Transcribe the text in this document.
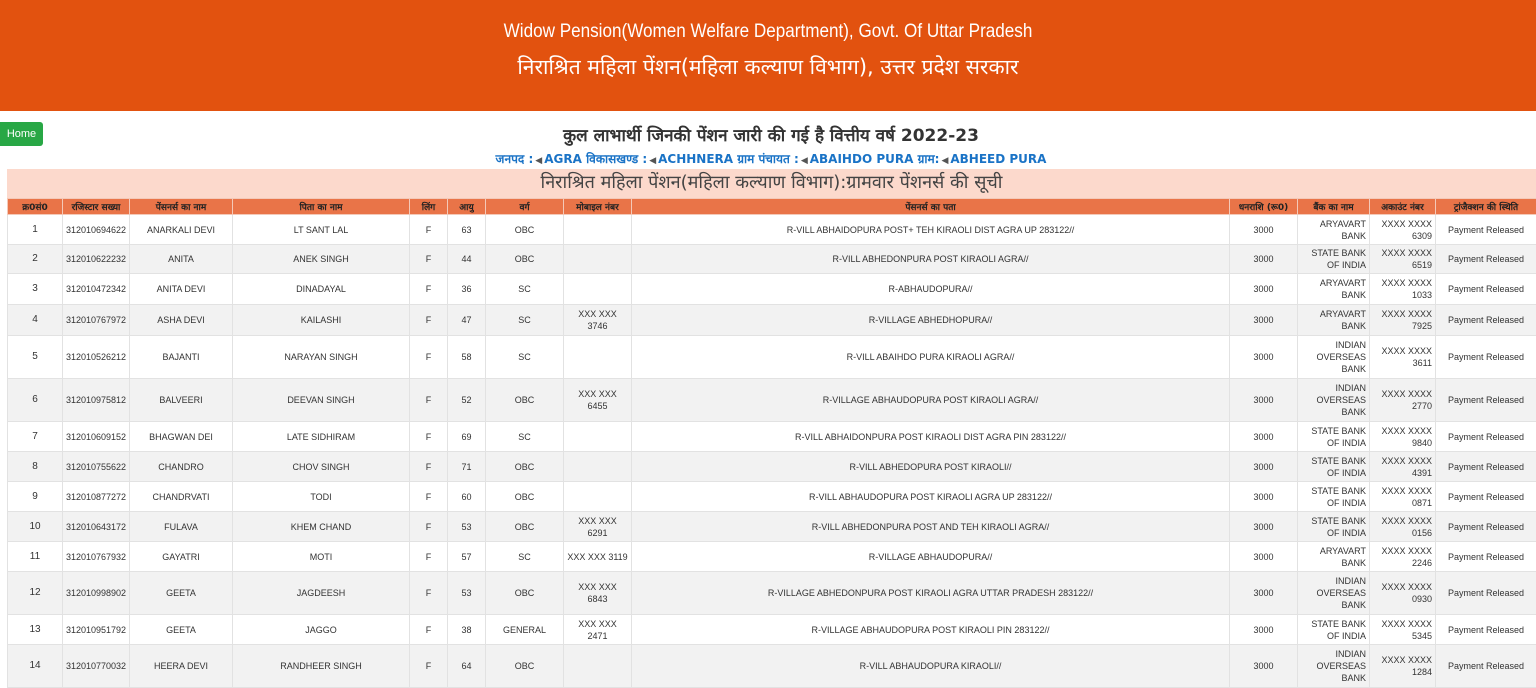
Widow Pension(Women Welfare Department), Govt. Of Uttar Pradesh
निराश्रित महिला पेंशन(महिला कल्याण विभाग), उत्तर प्रदेश सरकार
Home	कुल लाभार्थी जिनकी पेंशन जारी की गई है वित्तीय वर्ष 2022-23
जनपद : ◀ AGRA विकासखण्ड : ◀ ACHHNERA ग्राम पंचायत : ◀ ABAIHDO PURA ग्राम: ◀ ABHEED PURA
निराश्रित महिला पेंशन(महिला कल्याण विभाग):ग्रामवार पेंशनर्स की सूची
क्र0सं0	रजिस्टार सख्या	पेंसनर्स का नाम	पिता का नाम	लिंग	आयु	वर्ग	मोबाइल नंबर	पेंसनर्स का पता	धनराशि (रू0)	बैंक का नाम	अकाउंट नंबर	ट्रांजैक्शन की स्थिति
1	312010694622	ANARKALI DEVI	LT SANT LAL	F	63	OBC		R-VILL ABHAIDOPURA POST+ TEH KIRAOLI DIST AGRA UP 283122//	3000	ARYAVART BANK	XXXX XXXX 6309	Payment Released
2	312010622232	ANITA	ANEK SINGH	F	44	OBC		R-VILL ABHEDONPURA POST KIRAOLI AGRA//	3000	STATE BANK OF INDIA	XXXX XXXX 6519	Payment Released
3	312010472342	ANITA DEVI	DINADAYAL	F	36	SC		R-ABHAUDOPURA//	3000	ARYAVART BANK	XXXX XXXX 1033	Payment Released
4	312010767972	ASHA DEVI	KAILASHI	F	47	SC	XXX XXX 3746	R-VILLAGE ABHEDHOPURA//	3000	ARYAVART BANK	XXXX XXXX 7925	Payment Released
5	312010526212	BAJANTI	NARAYAN SINGH	F	58	SC		R-VILL ABAIHDO PURA KIRAOLI AGRA//	3000	INDIAN OVERSEAS BANK	XXXX XXXX 3611	Payment Released
6	312010975812	BALVEERI	DEEVAN SINGH	F	52	OBC	XXX XXX 6455	R-VILLAGE ABHAUDOPURA POST KIRAOLI AGRA//	3000	INDIAN OVERSEAS BANK	XXXX XXXX 2770	Payment Released
7	312010609152	BHAGWAN DEI	LATE SIDHIRAM	F	69	SC		R-VILL ABHAIDONPURA POST KIRAOLI DIST AGRA PIN 283122//	3000	STATE BANK OF INDIA	XXXX XXXX 9840	Payment Released
8	312010755622	CHANDRO	CHOV SINGH	F	71	OBC		R-VILL ABHEDOPURA POST KIRAOLI//	3000	STATE BANK OF INDIA	XXXX XXXX 4391	Payment Released
9	312010877272	CHANDRVATI	TODI	F	60	OBC		R-VILL ABHAUDOPURA POST KIRAOLI AGRA UP 283122//	3000	STATE BANK OF INDIA	XXXX XXXX 0871	Payment Released
10	312010643172	FULAVA	KHEM CHAND	F	53	OBC	XXX XXX 6291	R-VILL ABHEDONPURA POST AND TEH KIRAOLI AGRA//	3000	STATE BANK OF INDIA	XXXX XXXX 0156	Payment Released
11	312010767932	GAYATRI	MOTI	F	57	SC	XXX XXX 3119	R-VILLAGE ABHAUDOPURA//	3000	ARYAVART BANK	XXXX XXXX 2246	Payment Released
12	312010998902	GEETA	JAGDEESH	F	53	OBC	XXX XXX 6843	R-VILLAGE ABHEDONPURA POST KIRAOLI AGRA UTTAR PRADESH 283122//	3000	INDIAN OVERSEAS BANK	XXXX XXXX 0930	Payment Released
13	312010951792	GEETA	JAGGO	F	38	GENERAL	XXX XXX 2471	R-VILLAGE ABHAUDOPURA POST KIRAOLI PIN 283122//	3000	STATE BANK OF INDIA	XXXX XXXX 5345	Payment Released
14	312010770032	HEERA DEVI	RANDHEER SINGH	F	64	OBC		R-VILL ABHAUDOPURA KIRAOLI//	3000	INDIAN OVERSEAS BANK	XXXX XXXX 1284	Payment Released
